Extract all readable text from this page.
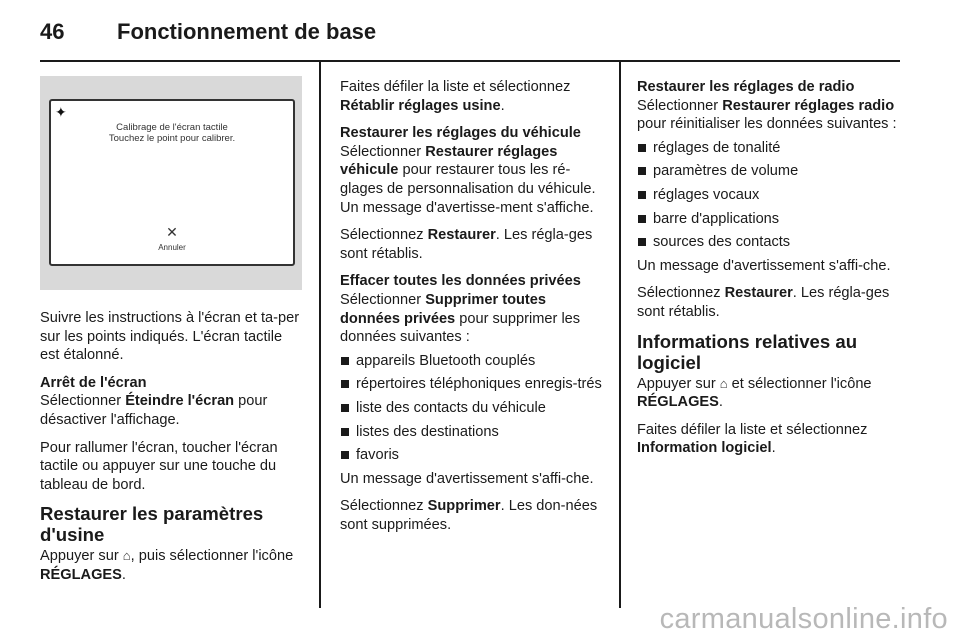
46 Fonctionnement de base
✦
Calibrage de l'écran tactile
Touchez le point pour calibrer.
✕
Annuler

Suivre les instructions à l'écran et ta-per sur les points indiqués. L'écran tactile est étalonné.

Arrêt de l'écran

Sélectionner Éteindre l'écran pour désactiver l'affichage.

Pour rallumer l'écran, toucher l'écran tactile ou appuyer sur une touche du tableau de bord.

Restaurer les paramètres d'usine

Appuyer sur ⌂, puis sélectionner l'icône RÉGLAGES.

Faites défiler la liste et sélectionnez Rétablir réglages usine.

Restaurer les réglages du véhicule

Sélectionner Restaurer réglages véhicule pour restaurer tous les ré-glages de personnalisation du véhicule. Un message d'avertisse-ment s'affiche.

Sélectionnez Restaurer. Les régla-ges sont rétablis.

Effacer toutes les données privées

Sélectionner Supprimer toutes données privées pour supprimer les données suivantes :

appareils Bluetooth couplés
répertoires téléphoniques enregis-trés
liste des contacts du véhicule
listes des destinations
favoris

Un message d'avertissement s'affi-che.

Sélectionnez Supprimer. Les don-nées sont supprimées.

Restaurer les réglages de radio

Sélectionner Restaurer réglages radio pour réinitialiser les données suivantes :

réglages de tonalité
paramètres de volume
réglages vocaux
barre d'applications
sources des contacts

Un message d'avertissement s'affi-che.

Sélectionnez Restaurer. Les régla-ges sont rétablis.

Informations relatives au logiciel

Appuyer sur ⌂ et sélectionner l'icône RÉGLAGES.

Faites défiler la liste et sélectionnez Information logiciel.

carmanualsonline.info
